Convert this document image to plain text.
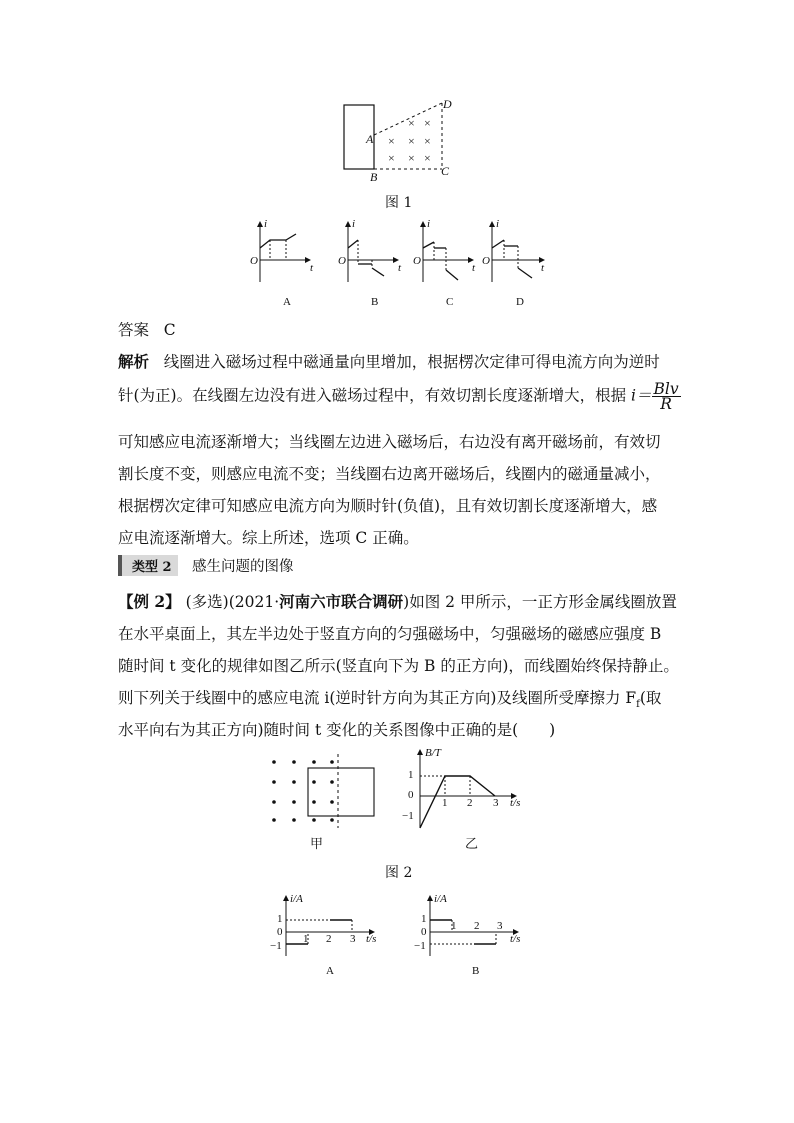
× ×
× × ×
× × ×
A
B	C
D
图 1
i
O
t
i
O
t
i
O
t
i
O
t
A	B	C	D
答案 C
解析 线圈进入磁场过程中磁通量向里增加，根据楞次定律可得电流方向为逆时
针(为正)。在线圈左边没有进入磁场过程中，有效切割长度逐渐增大，根据 $i= \frac{\text{Blv}}{R}$
可知感应电流逐渐增大；当线圈左边进入磁场后，右边没有离开磁场前，有效切
割长度不变，则感应电流不变；当线圈右边离开磁场后，线圈内的磁通量减小，
根据楞次定律可知感应电流方向为顺时针(负值)，且有效切割长度逐渐增大，感
应电流逐渐增大。综上所述，选项 C 正确。
类型 2	感生问题的图像
【例 2】 (多选)(2021·河南六市联合调研)如图 2 甲所示，一正方形金属线圈放置
在水平桌面上，其左半边处于竖直方向的匀强磁场中，匀强磁场的磁感应强度 B
随时间 t 变化的规律如图乙所示(竖直向下为 B 的正方向)，而线圈始终保持静止。
则下列关于线圈中的感应电流 i(逆时针方向为其正方向)及线圈所受摩擦力 $F_f$(取
水平向右为其正方向)随时间 t 变化的关系图像中正确的是(　　)
甲
B/T
1
0
−1
1 2 3 t/s
乙
图 2
i/A
1
0
−1
1 2 3 t/s
A
i/A
1
0
−1
1 2 3
t/s
B
